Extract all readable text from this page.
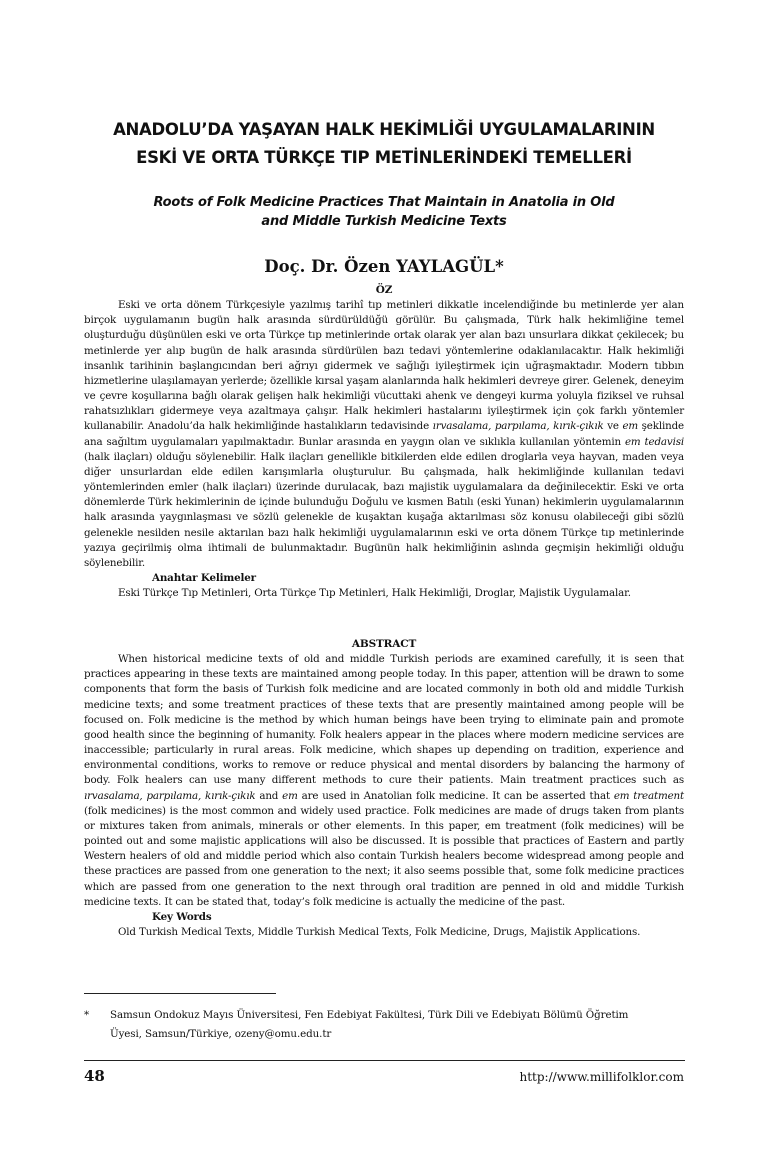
ANADOLU’DA YAŞAYAN HALK HEKİMLİĞİ UYGULAMALARININ
ESKİ VE ORTA TÜRKÇE TIP METİNLERİNDEKİ TEMELLERİ
Roots of Folk Medicine Practices That Maintain in Anatolia in Old
and Middle Turkish Medicine Texts
Doç. Dr. Özen YAYLAGÜL*
ÖZ

Eski ve orta dönem Türkçesiyle yazılmış tarihî tıp metinleri dikkatle incelendiğinde bu metinlerde yer alan birçok uygulamanın bugün halk arasında sürdürüldüğü görülür. Bu çalışmada, Türk halk hekimliğine temel oluşturduğu düşünülen eski ve orta Türkçe tıp metinlerinde ortak olarak yer alan bazı unsurlara dikkat çekilecek; bu metinlerde yer alıp bugün de halk arasında sürdürülen bazı tedavi yöntemlerine odaklanılacaktır. Halk hekimliği insanlık tarihinin başlangıcından beri ağrıyı gidermek ve sağlığı iyileştirmek için uğraşmaktadır. Modern tıbbın hizmetlerine ulaşılamayan yerlerde; özellikle kırsal yaşam alanlarında halk hekimleri devreye girer. Gelenek, deneyim ve çevre koşullarına bağlı olarak gelişen halk hekimliği vücuttaki ahenk ve dengeyi kurma yoluyla fiziksel ve ruhsal rahatsızlıkları gidermeye veya azaltmaya çalışır. Halk hekimleri hastalarını iyileştirmek için çok farklı yöntemler kullanabilir. Anadolu’da halk hekimliğinde hastalıkların tedavisinde ırvasalama, parpılama, kırık-çıkık ve em şeklinde ana sağıltım uygulamaları yapılmaktadır. Bunlar arasında en yaygın olan ve sıklıkla kullanılan yöntemin em tedavisi (halk ilaçları) olduğu söylenebilir. Halk ilaçları genellikle bitkilerden elde edilen droglarla veya hayvan, maden veya diğer unsurlardan elde edilen karışımlarla oluşturulur. Bu çalışmada, halk hekimliğinde kullanılan tedavi yöntemlerinden emler (halk ilaçları) üzerinde durulacak, bazı majistik uygulamalara da değinilecektir. Eski ve orta dönemlerde Türk hekimlerinin de içinde bulunduğu Doğulu ve kısmen Batılı (eski Yunan) hekimlerin uygulamalarının halk arasında yaygınlaşması ve sözlü gelenekle de kuşaktan kuşağa aktarılması söz konusu olabileceği gibi sözlü gelenekle nesilden nesile aktarılan bazı halk hekimliği uygulamalarının eski ve orta dönem Türkçe tıp metinlerinde yazıya geçirilmiş olma ihtimali de bulunmaktadır. Bugünün halk hekimliğinin aslında geçmişin hekimliği olduğu söylenebilir.

Anahtar Kelimeler

Eski Türkçe Tıp Metinleri, Orta Türkçe Tıp Metinleri, Halk Hekimliği, Droglar, Majistik Uygulamalar.

ABSTRACT

When historical medicine texts of old and middle Turkish periods are examined carefully, it is seen that practices appearing in these texts are maintained among people today. In this paper, attention will be drawn to some components that form the basis of Turkish folk medicine and are located commonly in both old and middle Turkish medicine texts; and some treatment practices of these texts that are presently maintained among people will be focused on. Folk medicine is the method by which human beings have been trying to eliminate pain and promote good health since the beginning of humanity. Folk healers appear in the places where modern medicine services are inaccessible; particularly in rural areas. Folk medicine, which shapes up depending on tradition, experience and environmental conditions, works to remove or reduce physical and mental disorders by balancing the harmony of body. Folk healers can use many different methods to cure their patients. Main treatment practices such as ırvasalama, parpılama, kırık-çıkık and em are used in Anatolian folk medicine. It can be asserted that em treatment (folk medicines) is the most common and widely used practice. Folk medicines are made of drugs taken from plants or mixtures taken from animals, minerals or other elements. In this paper, em treatment (folk medicines) will be pointed out and some majistic applications will also be discussed. It is possible that practices of Eastern and partly Western healers of old and middle period which also contain Turkish healers become widespread among people and these practices are passed from one generation to the next; it also seems possible that, some folk medicine practices which are passed from one generation to the next through oral tradition are penned in old and middle Turkish medicine texts. It can be stated that, today’s folk medicine is actually the medicine of the past.

Key Words

Old Turkish Medical Texts, Middle Turkish Medical Texts, Folk Medicine, Drugs, Majistik Applications.

* Samsun Ondokuz Mayıs Üniversitesi, Fen Edebiyat Fakültesi, Türk Dili ve Edebiyatı Bölümü Öğretim
Üyesi, Samsun/Türkiye, ozeny@omu.edu.tr
48	http://www.millifolklor.com
